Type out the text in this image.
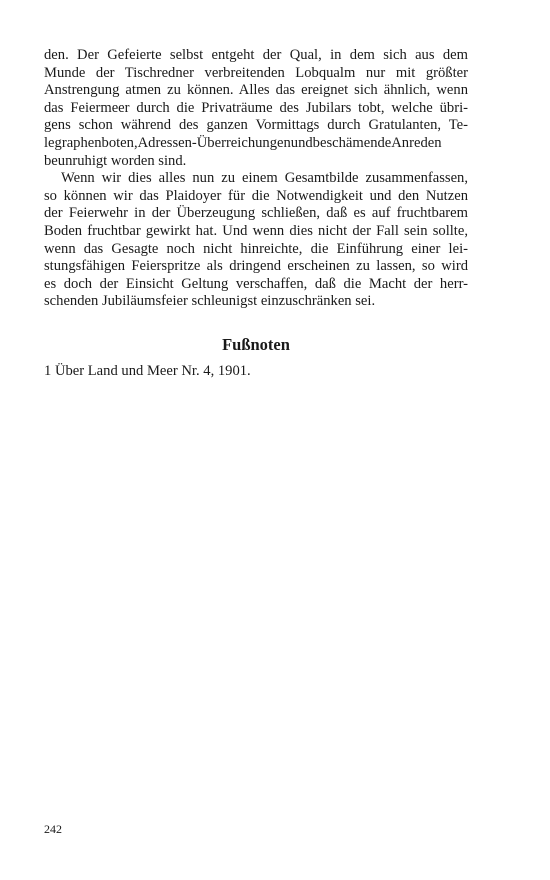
den. Der Gefeierte selbst entgeht der Qual, in dem sich aus dem
Munde der Tischredner verbreitenden Lobqualm nur mit größter
Anstrengung atmen zu können. Alles das ereignet sich ähnlich, wenn
das Feiermeer durch die Privaträume des Jubilars tobt, welche übri-
gens schon während des ganzen Vormittags durch Gratulanten, Te-
legraphenboten,Adressen-ÜberreichungenundbeschämendeAnreden
beunruhigt worden sind.
Wenn wir dies alles nun zu einem Gesamtbilde zusammenfassen,
so können wir das Plaidoyer für die Notwendigkeit und den Nutzen
der Feierwehr in der Überzeugung schließen, daß es auf fruchtbarem
Boden fruchtbar gewirkt hat. Und wenn dies nicht der Fall sein sollte,
wenn das Gesagte noch nicht hinreichte, die Einführung einer lei-
stungsfähigen Feierspritze als dringend erscheinen zu lassen, so wird
es doch der Einsicht Geltung verschaffen, daß die Macht der herr-
schenden Jubiläumsfeier schleunigst einzuschränken sei.
Fußnoten

1 Über Land und Meer Nr. 4, 1901.

242
